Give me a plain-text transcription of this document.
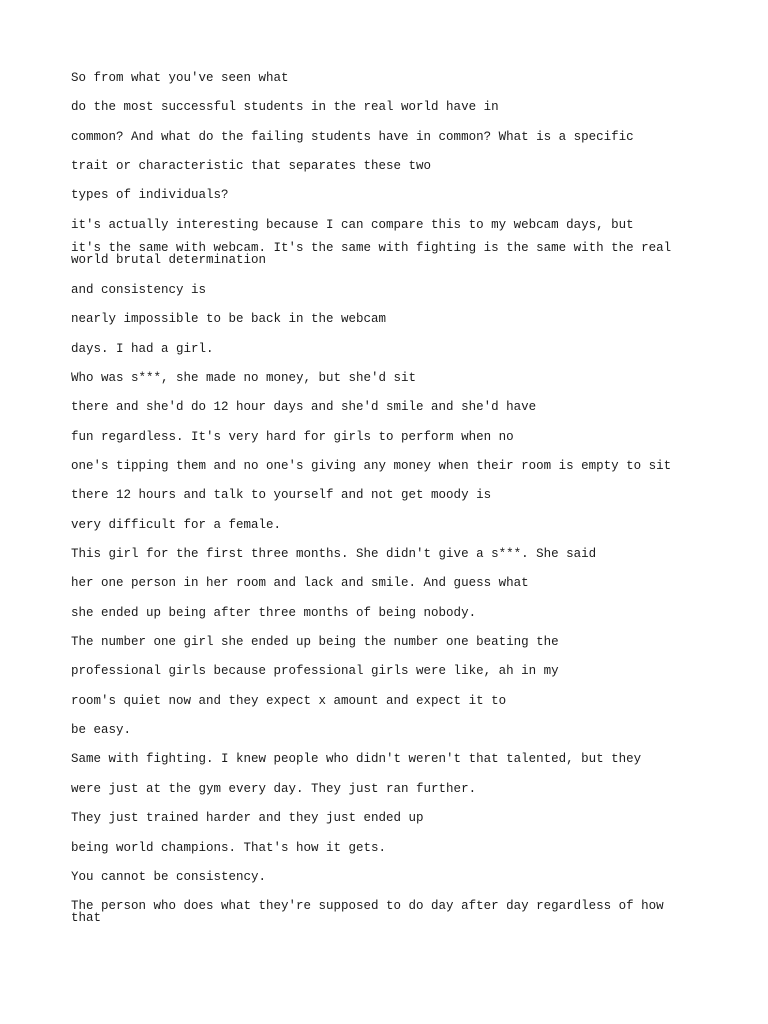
So from what you've seen what

do the most successful students in the real world have in

common? And what do the failing students have in common? What is a specific

trait or characteristic that separates these two

types of individuals?

it's actually interesting because I can compare this to my webcam days, but

it's the same with webcam. It's the same with fighting is the same with the real
world brutal determination

and consistency is

nearly impossible to be back in the webcam

days. I had a girl.

Who was s***, she made no money, but she'd sit

there and she'd do 12 hour days and she'd smile and she'd have

fun regardless. It's very hard for girls to perform when no

one's tipping them and no one's giving any money when their room is empty to sit

there 12 hours and talk to yourself and not get moody is

very difficult for a female.

This girl for the first three months. She didn't give a s***. She said

her one person in her room and lack and smile. And guess what

she ended up being after three months of being nobody.

The number one girl she ended up being the number one beating the

professional girls because professional girls were like, ah in my

room's quiet now and they expect x amount and expect it to

be easy.

Same with fighting. I knew people who didn't weren't that talented, but they

were just at the gym every day. They just ran further.

They just trained harder and they just ended up

being world champions. That's how it gets.

You cannot be consistency.

The person who does what they're supposed to do day after day regardless of how
that
